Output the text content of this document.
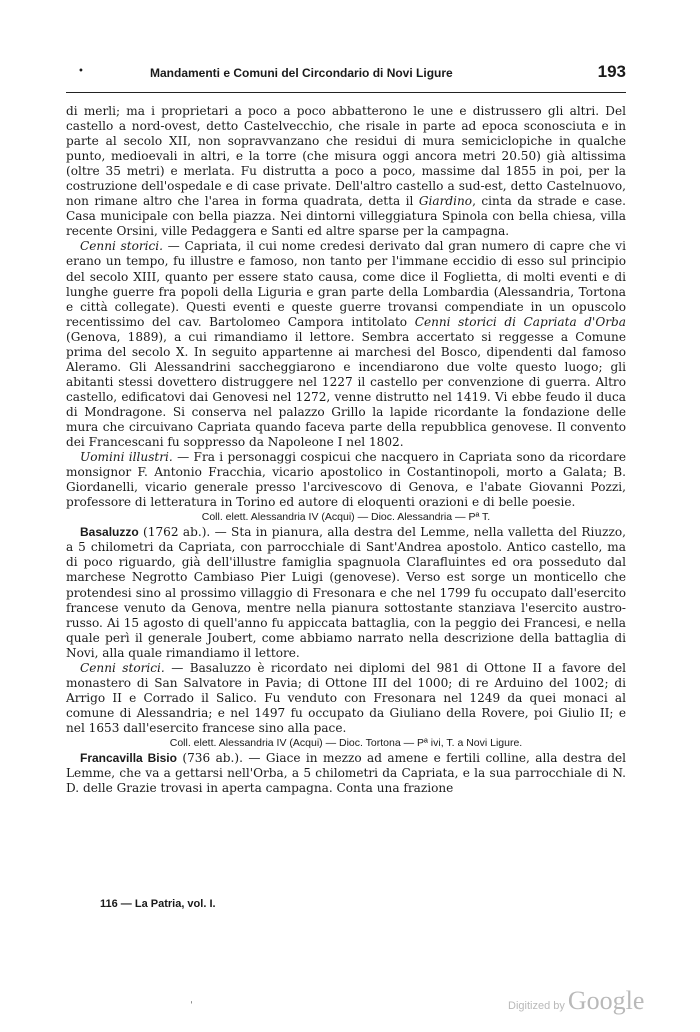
•	Mandamenti e Comuni del Circondario di Novi Ligure	193

di merli; ma i proprietari a poco a poco abbatterono le une e distrussero gli altri. Del castello a nord-ovest, detto Castelvecchio, che risale in parte ad epoca sconosciuta e in parte al secolo XII, non sopravvanzano che residui di mura semiciclopiche in qualche punto, medioevali in altri, e la torre (che misura oggi ancora metri 20.50) già altissima (oltre 35 metri) e merlata. Fu distrutta a poco a poco, massime dal 1855 in poi, per la costruzione dell'ospedale e di case private. Dell'altro castello a sud-est, detto Castelnuovo, non rimane altro che l'area in forma quadrata, detta il Giardino, cinta da strade e case. Casa municipale con bella piazza. Nei dintorni villeggiatura Spinola con bella chiesa, villa recente Orsini, ville Pedaggera e Santi ed altre sparse per la campagna.

Cenni storici. — Capriata, il cui nome credesi derivato dal gran numero di capre che vi erano un tempo, fu illustre e famoso, non tanto per l'immane eccidio di esso sul principio del secolo XIII, quanto per essere stato causa, come dice il Foglietta, di molti eventi e di lunghe guerre fra popoli della Liguria e gran parte della Lombardia (Alessandria, Tortona e città collegate). Questi eventi e queste guerre trovansi compendiate in un opuscolo recentissimo del cav. Bartolomeo Campora intitolato Cenni storici di Capriata d'Orba (Genova, 1889), a cui rimandiamo il lettore. Sembra accertato si reggesse a Comune prima del secolo X. In seguito appartenne ai marchesi del Bosco, dipendenti dal famoso Aleramo. Gli Alessandrini saccheggiarono e incendiarono due volte questo luogo; gli abitanti stessi dovettero distruggere nel 1227 il castello per convenzione di guerra. Altro castello, edificatovi dai Genovesi nel 1272, venne distrutto nel 1419. Vi ebbe feudo il duca di Mondragone. Si conserva nel palazzo Grillo la lapide ricordante la fondazione delle mura che circuivano Capriata quando faceva parte della repubblica genovese. Il convento dei Francescani fu soppresso da Napoleone I nel 1802.

Uomini illustri. — Fra i personaggi cospicui che nacquero in Capriata sono da ricordare monsignor F. Antonio Fracchia, vicario apostolico in Costantinopoli, morto a Galata; B. Giordanelli, vicario generale presso l'arcivescovo di Genova, e l'abate Giovanni Pozzi, professore di letteratura in Torino ed autore di eloquenti orazioni e di belle poesie.

Coll. elett. Alessandria IV (Acqui) — Dioc. Alessandria — Pª T.

Basaluzzo (1762 ab.). — Sta in pianura, alla destra del Lemme, nella valletta del Riuzzo, a 5 chilometri da Capriata, con parrocchiale di Sant'Andrea apostolo. Antico castello, ma di poco riguardo, già dell'illustre famiglia spagnuola Clarafluintes ed ora posseduto dal marchese Negrotto Cambiaso Pier Luigi (genovese). Verso est sorge un monticello che protendesi sino al prossimo villaggio di Fresonara e che nel 1799 fu occupato dall'esercito francese venuto da Genova, mentre nella pianura sottostante stanziava l'esercito austro-russo. Ai 15 agosto di quell'anno fu appiccata battaglia, con la peggio dei Francesi, e nella quale perì il generale Joubert, come abbiamo narrato nella descrizione della battaglia di Novi, alla quale rimandiamo il lettore.

Cenni storici. — Basaluzzo è ricordato nei diplomi del 981 di Ottone II a favore del monastero di San Salvatore in Pavia; di Ottone III del 1000; di re Arduino del 1002; di Arrigo II e Corrado il Salico. Fu venduto con Fresonara nel 1249 da quei monaci al comune di Alessandria; e nel 1497 fu occupato da Giuliano della Rovere, poi Giulio II; e nel 1653 dall'esercito francese sino alla pace.

Coll. elett. Alessandria IV (Acqui) — Dioc. Tortona — Pª ivi, T. a Novi Ligure.

Francavilla Bisio (736 ab.). — Giace in mezzo ad amene e fertili colline, alla destra del Lemme, che va a gettarsi nell'Orba, a 5 chilometri da Capriata, e la sua parrocchiale di N. D. delle Grazie trovasi in aperta campagna. Conta una frazione

116 — La Patria, vol. I.
ˌ
Digitized by Google
